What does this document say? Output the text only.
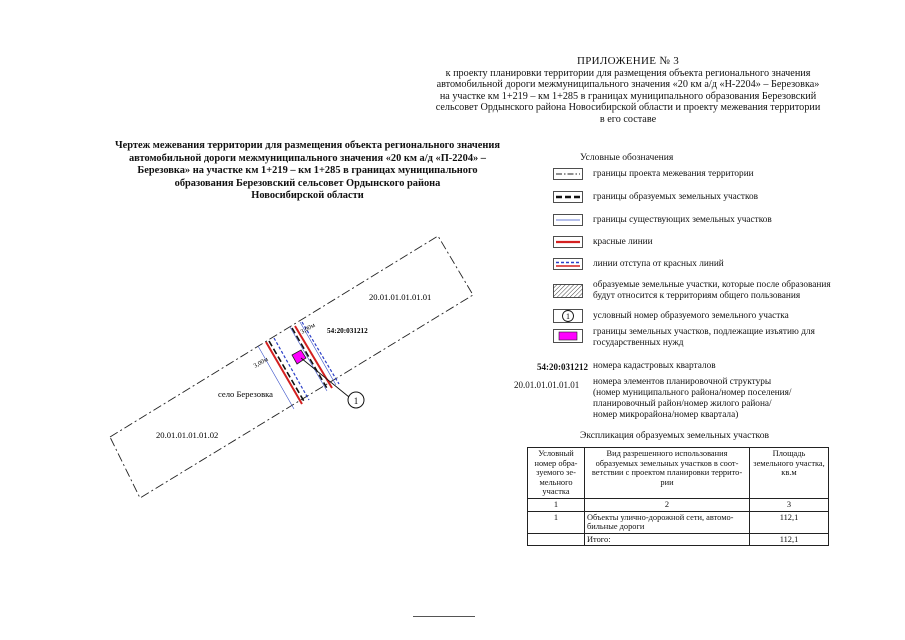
ПРИЛОЖЕНИЕ № 3
к проекту планировки территории для размещения объекта регионального значения
автомобильной дороги межмуниципального значения «20 км а/д «Н-2204» – Березовка»
на участке км 1+219 – км 1+285 в границах муниципального образования Березовский
сельсовет Ордынского района Новосибирской области и проекту межевания территории
в его составе
Чертеж межевания территории для размещения объекта регионального значения
автомобильной дороги межмуниципального значения «20 км а/д «П-2204» –
Березовка» на участке км 1+219 – км 1+285 в границах муниципального
образования Березовский сельсовет Ордынского района
Новосибирской области
3,00м
3,00м
54:20:031212
1
20.01.01.01.01.01
село Березовка
20.01.01.01.01.02
Условные обозначения
границы проекта межевания территории
границы образуемых земельных участков
границы существующих земельных участков
красные линии
линии отступа от красных линий
образуемые земельные участки, которые после образования будут относится к территориям общего пользования
1 условный номер образуемого земельного участка
границы земельных участков, подлежащие изъятию для государственных нужд
54:20:031212 номера кадастровых кварталов
20.01.01.01.01.01 номера элементов планировочной структуры (номер муниципального района/номер поселения/ планировочный район/номер жилого района/ номер микрорайона/номер квартала)
Экспликация образуемых земельных участков
Условный номер обра-зуемого зе-мельного участка	Вид разрешенного использования образуемых земельных участков в соот-ветствии с проектом планировки террито-рии	Площадь земельного участка, кв.м
1	2	3
1	Объекты улично-дорожной сети, автомо-бильные дороги	112,1
	Итого:	112,1
